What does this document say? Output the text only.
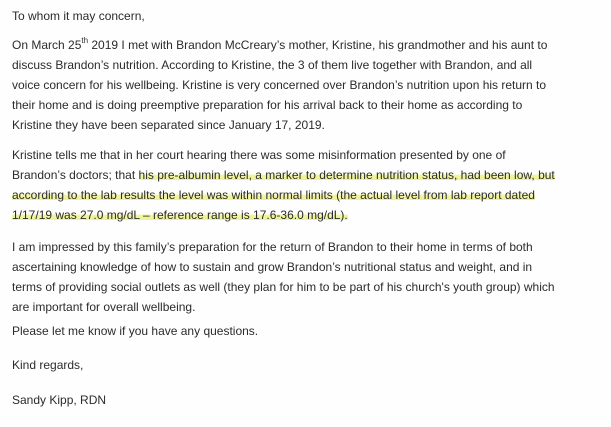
To whom it may concern,

On March 25th 2019 I met with Brandon McCreary’s mother, Kristine, his grandmother and his aunt to
discuss Brandon’s nutrition. According to Kristine, the 3 of them live together with Brandon, and all
voice concern for his wellbeing. Kristine is very concerned over Brandon’s nutrition upon his return to
their home and is doing preemptive preparation for his arrival back to their home as according to
Kristine they have been separated since January 17, 2019.

Kristine tells me that in her court hearing there was some misinformation presented by one of
Brandon’s doctors; that his pre-albumin level, a marker to determine nutrition status, had been low, but
according to the lab results the level was within normal limits (the actual level from lab report dated
1/17/19 was 27.0 mg/dL – reference range is 17.6-36.0 mg/dL).

I am impressed by this family’s preparation for the return of Brandon to their home in terms of both
ascertaining knowledge of how to sustain and grow Brandon’s nutritional status and weight, and in
terms of providing social outlets as well (they plan for him to be part of his church's youth group) which
are important for overall wellbeing.

Please let me know if you have any questions.

Kind regards,

Sandy Kipp, RDN
